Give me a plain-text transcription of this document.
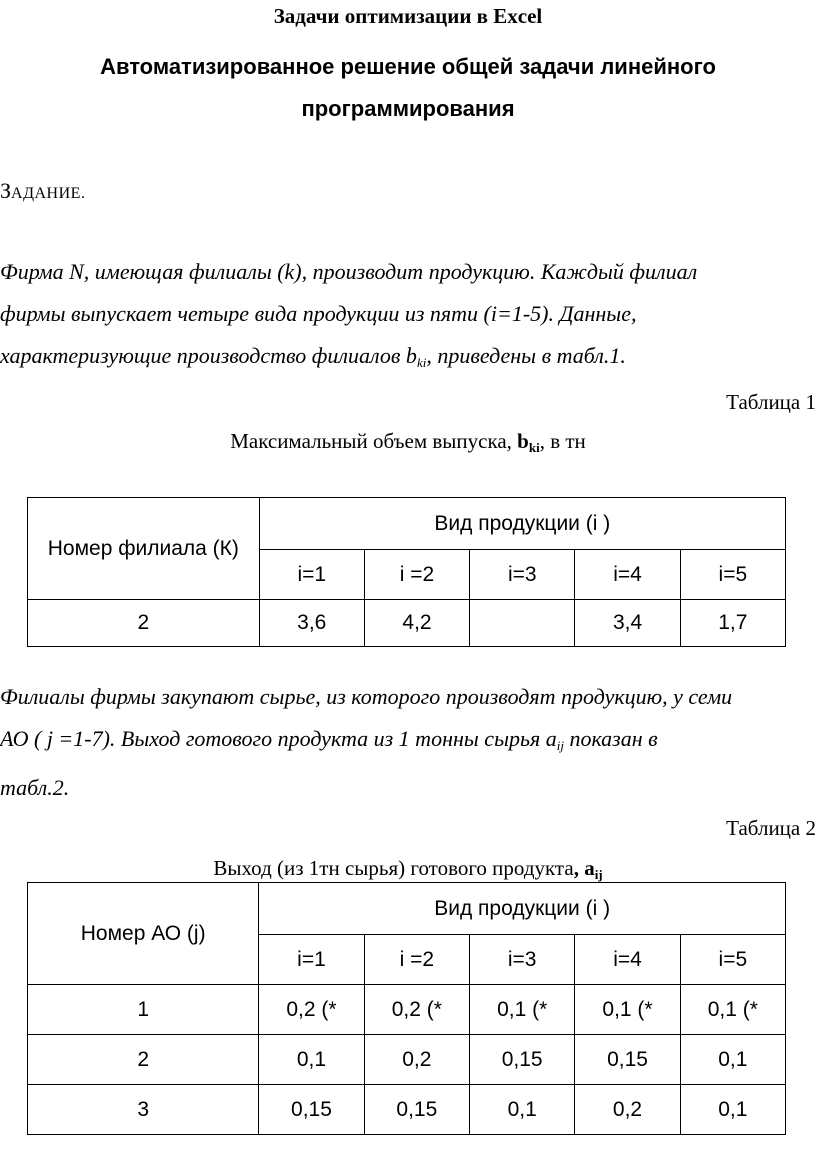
Задачи оптимизации в Excel
Автоматизированное решение общей задачи линейного
программирования
ЗАДАНИЕ.
Фирма N, имеющая филиалы (k), производит продукцию. Каждый филиал
фирмы выпускает четыре вида продукции из пяти (i=1-5). Данные,
характеризующие производство филиалов $b_{ki}$, приведены в табл.1.
Таблица 1
Максимальный объем выпуска, $b_{ki}$, в тн
Номер филиала (К)	Вид продукции (i )				
	i=1	i =2	i=3	i=4	i=5
2	3,6	4,2		3,4	1,7
Филиалы фирмы закупают сырье, из которого производят продукцию, у семи
АО ( j =1-7). Выход готового продукта из 1 тонны сырья $a_{ij}$ показан в
табл.2.
Таблица 2
Выход (из 1тн сырья) готового продукта, $a_{ij}$
Номер АО (j)	Вид продукции (i )				
	i=1	i =2	i=3	i=4	i=5
1	0,2 (*	0,2 (*	0,1 (*	0,1 (*	0,1 (*
2	0,1	0,2	0,15	0,15	0,1
3	0,15	0,15	0,1	0,2	0,1
